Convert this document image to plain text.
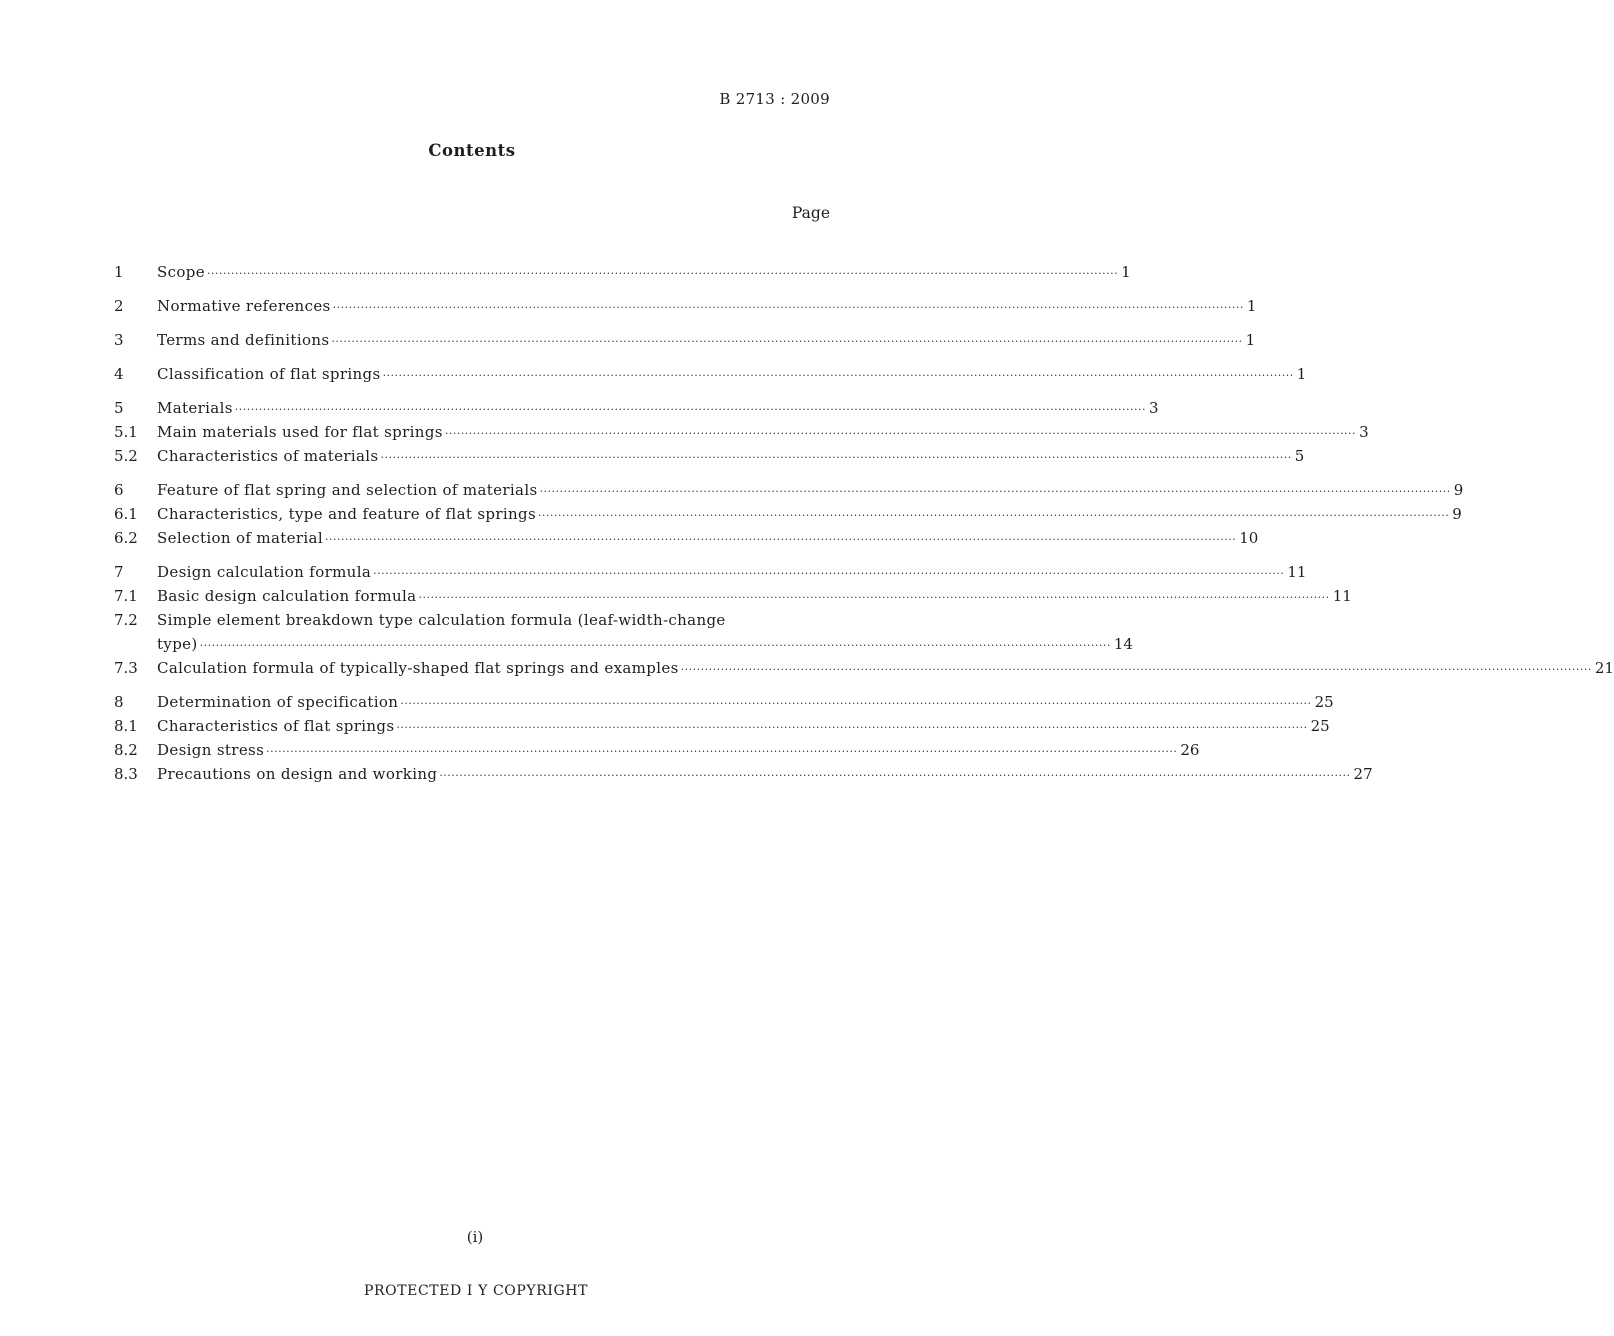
B 2713 : 2009
Contents
Page
1	Scope ·····	1
2	Normative references ·····	1
3	Terms and definitions ·····	1
4	Classification of flat springs ·····	1
5	Materials ·····	3
5.1	Main materials used for flat springs ·····	3
5.2	Characteristics of materials ·····	5
6	Feature of flat spring and selection of materials ·····	9
6.1	Characteristics, type and feature of flat springs ·····	9
6.2	Selection of material ·····	10
7	Design calculation formula ·····	11
7.1	Basic design calculation formula ·····	11
7.2	Simple element breakdown type calculation formula (leaf-width-change
type) ·····	14
7.3	Calculation formula of typically-shaped flat springs and examples ·····	21
8	Determination of specification ·····	25
8.1	Characteristics of flat springs ·····	25
8.2	Design stress ·····	26
8.3	Precautions on design and working ·····	27
(i)
PROTECTED I Y COPYRIGHT
